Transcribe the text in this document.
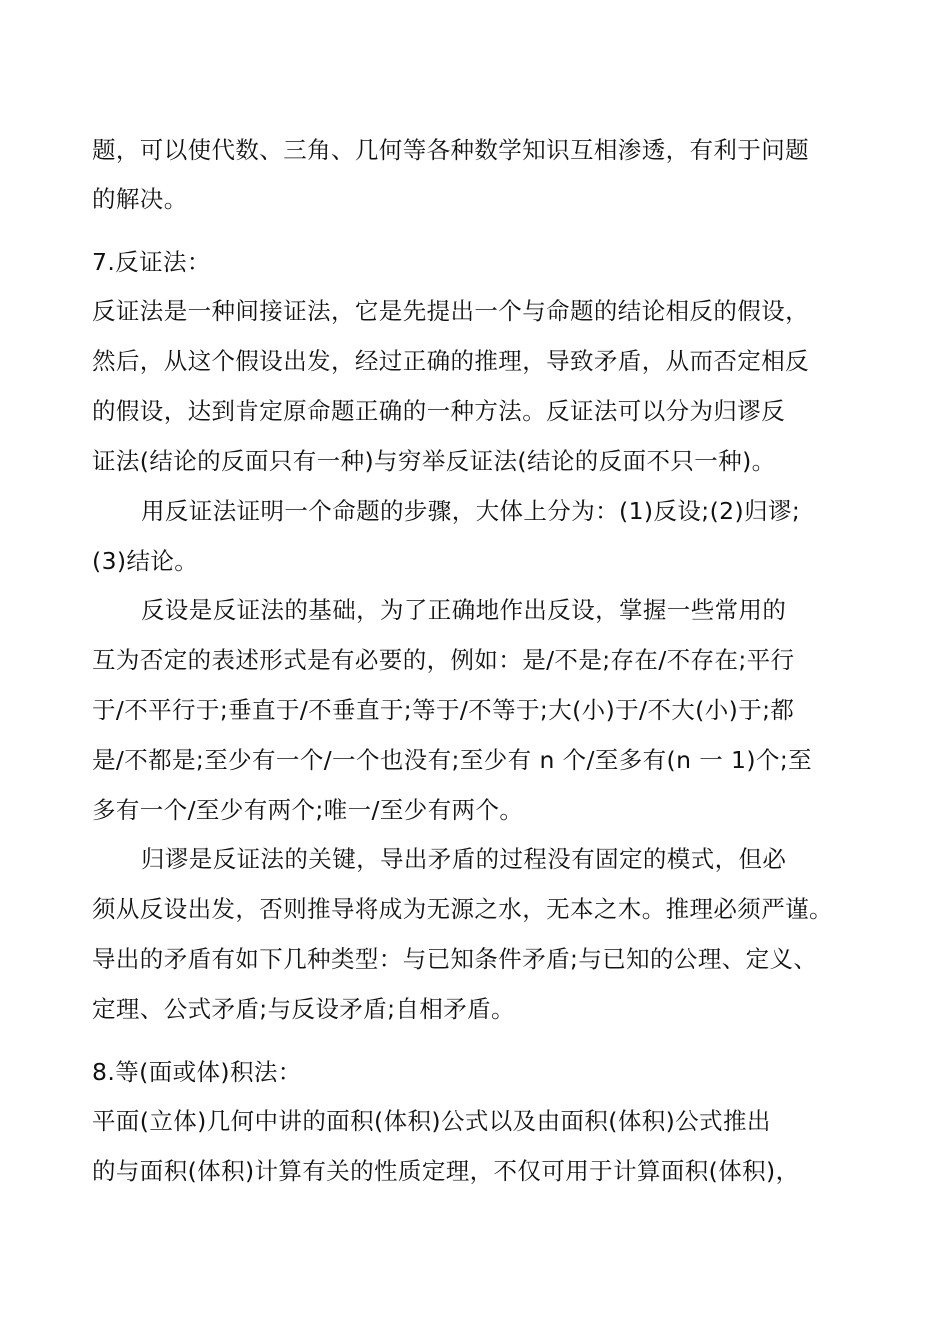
题，可以使代数、三角、几何等各种数学知识互相渗透，有利于问题
的解决。
7.反证法：
反证法是一种间接证法，它是先提出一个与命题的结论相反的假设，
然后，从这个假设出发，经过正确的推理，导致矛盾，从而否定相反
的假设，达到肯定原命题正确的一种方法。反证法可以分为归谬反
证法(结论的反面只有一种)与穷举反证法(结论的反面不只一种)。
用反证法证明一个命题的步骤，大体上分为：(1)反设;(2)归谬;
(3)结论。
反设是反证法的基础，为了正确地作出反设，掌握一些常用的
互为否定的表述形式是有必要的，例如：是/不是;存在/不存在;平行
于/不平行于;垂直于/不垂直于;等于/不等于;大(小)于/不大(小)于;都
是/不都是;至少有一个/一个也没有;至少有 n 个/至多有(n 一 1)个;至
多有一个/至少有两个;唯一/至少有两个。
归谬是反证法的关键，导出矛盾的过程没有固定的模式，但必
须从反设出发，否则推导将成为无源之水，无本之木。推理必须严谨。
导出的矛盾有如下几种类型：与已知条件矛盾;与已知的公理、定义、
定理、公式矛盾;与反设矛盾;自相矛盾。
8.等(面或体)积法：
平面(立体)几何中讲的面积(体积)公式以及由面积(体积)公式推出
的与面积(体积)计算有关的性质定理，不仅可用于计算面积(体积)，
